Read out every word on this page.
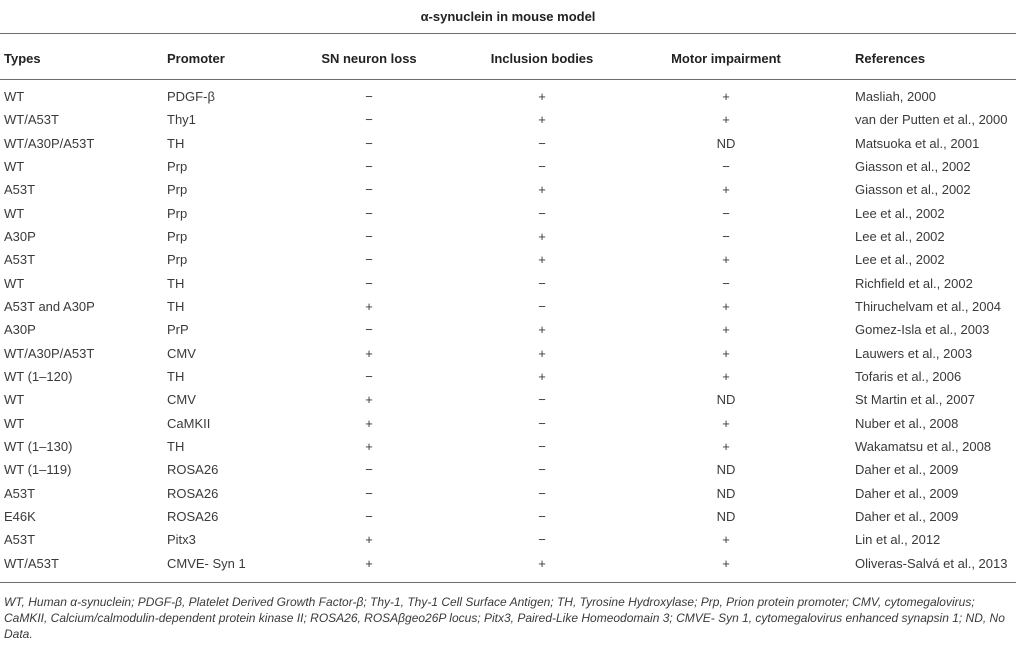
α-synuclein in mouse model
Types	Promoter	SN neuron loss	Inclusion bodies	Motor impairment	References
WT	PDGF-β	−	+	+	Masliah, 2000
WT/A53T	Thy1	−	+	+	van der Putten et al., 2000
WT/A30P/A53T	TH	−	−	ND	Matsuoka et al., 2001
WT	Prp	−	−	−	Giasson et al., 2002
A53T	Prp	−	+	+	Giasson et al., 2002
WT	Prp	−	−	−	Lee et al., 2002
A30P	Prp	−	+	−	Lee et al., 2002
A53T	Prp	−	+	+	Lee et al., 2002
WT	TH	−	−	−	Richfield et al., 2002
A53T and A30P	TH	+	−	+	Thiruchelvam et al., 2004
A30P	PrP	−	+	+	Gomez-Isla et al., 2003
WT/A30P/A53T	CMV	+	+	+	Lauwers et al., 2003
WT (1–120)	TH	−	+	+	Tofaris et al., 2006
WT	CMV	+	−	ND	St Martin et al., 2007
WT	CaMKII	+	−	+	Nuber et al., 2008
WT (1–130)	TH	+	−	+	Wakamatsu et al., 2008
WT (1–119)	ROSA26	−	−	ND	Daher et al., 2009
A53T	ROSA26	−	−	ND	Daher et al., 2009
E46K	ROSA26	−	−	ND	Daher et al., 2009
A53T	Pitx3	+	−	+	Lin et al., 2012
WT/A53T	CMVE- Syn 1	+	+	+	Oliveras-Salvá et al., 2013
WT, Human α-synuclein; PDGF-β, Platelet Derived Growth Factor-β; Thy-1, Thy-1 Cell Surface Antigen; TH, Tyrosine Hydroxylase; Prp, Prion protein promoter; CMV, cytomegalovirus; CaMKII, Calcium/calmodulin-dependent protein kinase II; ROSA26, ROSAβgeo26P locus; Pitx3, Paired-Like Homeodomain 3; CMVE- Syn 1, cytomegalovirus enhanced synapsin 1; ND, No Data.
